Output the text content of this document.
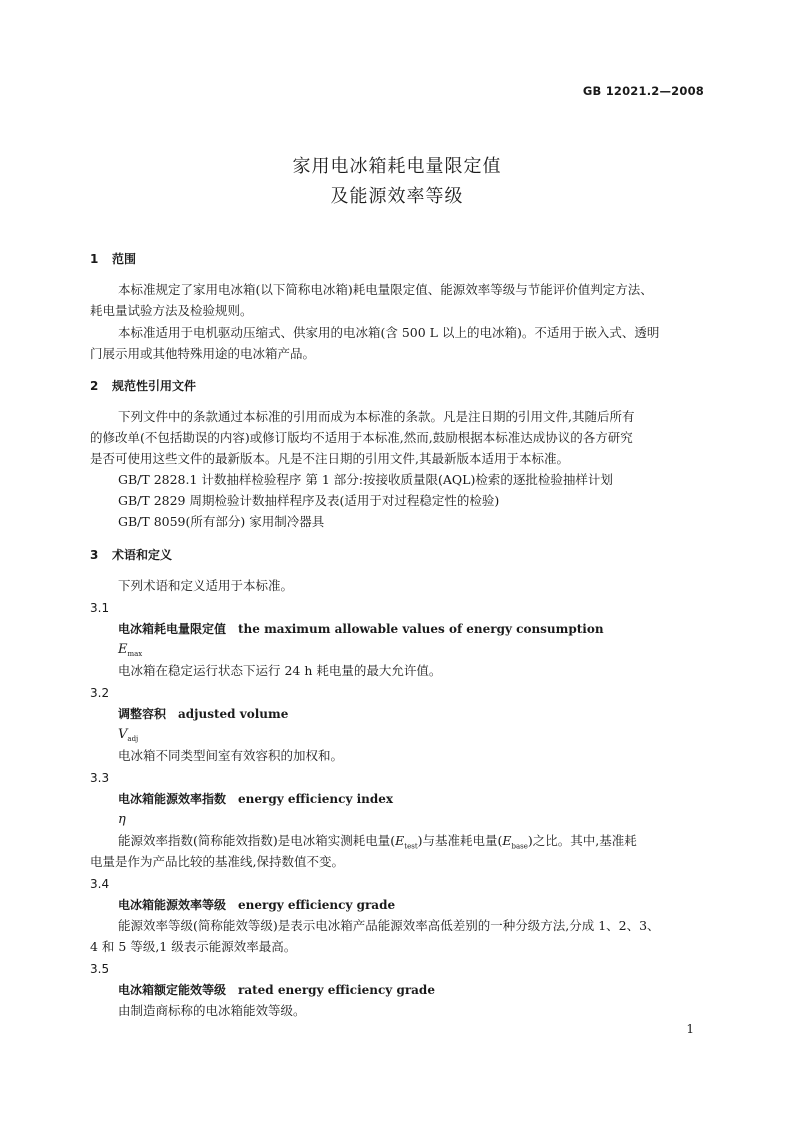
GB 12021.2—2008
家用电冰箱耗电量限定值
及能源效率等级
1 范围
本标准规定了家用电冰箱(以下简称电冰箱)耗电量限定值、能源效率等级与节能评价值判定方法、
耗电量试验方法及检验规则。
本标准适用于电机驱动压缩式、供家用的电冰箱(含 500 L 以上的电冰箱)。不适用于嵌入式、透明
门展示用或其他特殊用途的电冰箱产品。
2 规范性引用文件
下列文件中的条款通过本标准的引用而成为本标准的条款。凡是注日期的引用文件,其随后所有
的修改单(不包括勘误的内容)或修订版均不适用于本标准,然而,鼓励根据本标准达成协议的各方研究
是否可使用这些文件的最新版本。凡是不注日期的引用文件,其最新版本适用于本标准。
GB/T 2828.1 计数抽样检验程序 第 1 部分:按接收质量限(AQL)检索的逐批检验抽样计划
GB/T 2829 周期检验计数抽样程序及表(适用于对过程稳定性的检验)
GB/T 8059(所有部分) 家用制冷器具
3 术语和定义
下列术语和定义适用于本标准。
3.1
电冰箱耗电量限定值 the maximum allowable values of energy consumption
$E_{max}$
电冰箱在稳定运行状态下运行 24 h 耗电量的最大允许值。
3.2
调整容积 adjusted volume
$V_{adj}$
电冰箱不同类型间室有效容积的加权和。
3.3
电冰箱能源效率指数 energy efficiency index
η
能源效率指数(简称能效指数)是电冰箱实测耗电量$(E_{test})$与基准耗电量$(E_{base})$之比。其中,基准耗
电量是作为产品比较的基准线,保持数值不变。
3.4
电冰箱能源效率等级 energy efficiency grade
能源效率等级(简称能效等级)是表示电冰箱产品能源效率高低差别的一种分级方法,分成 1、2、3、
4 和 5 等级,1 级表示能源效率最高。
3.5
电冰箱额定能效等级 rated energy efficiency grade
由制造商标称的电冰箱能效等级。
1
